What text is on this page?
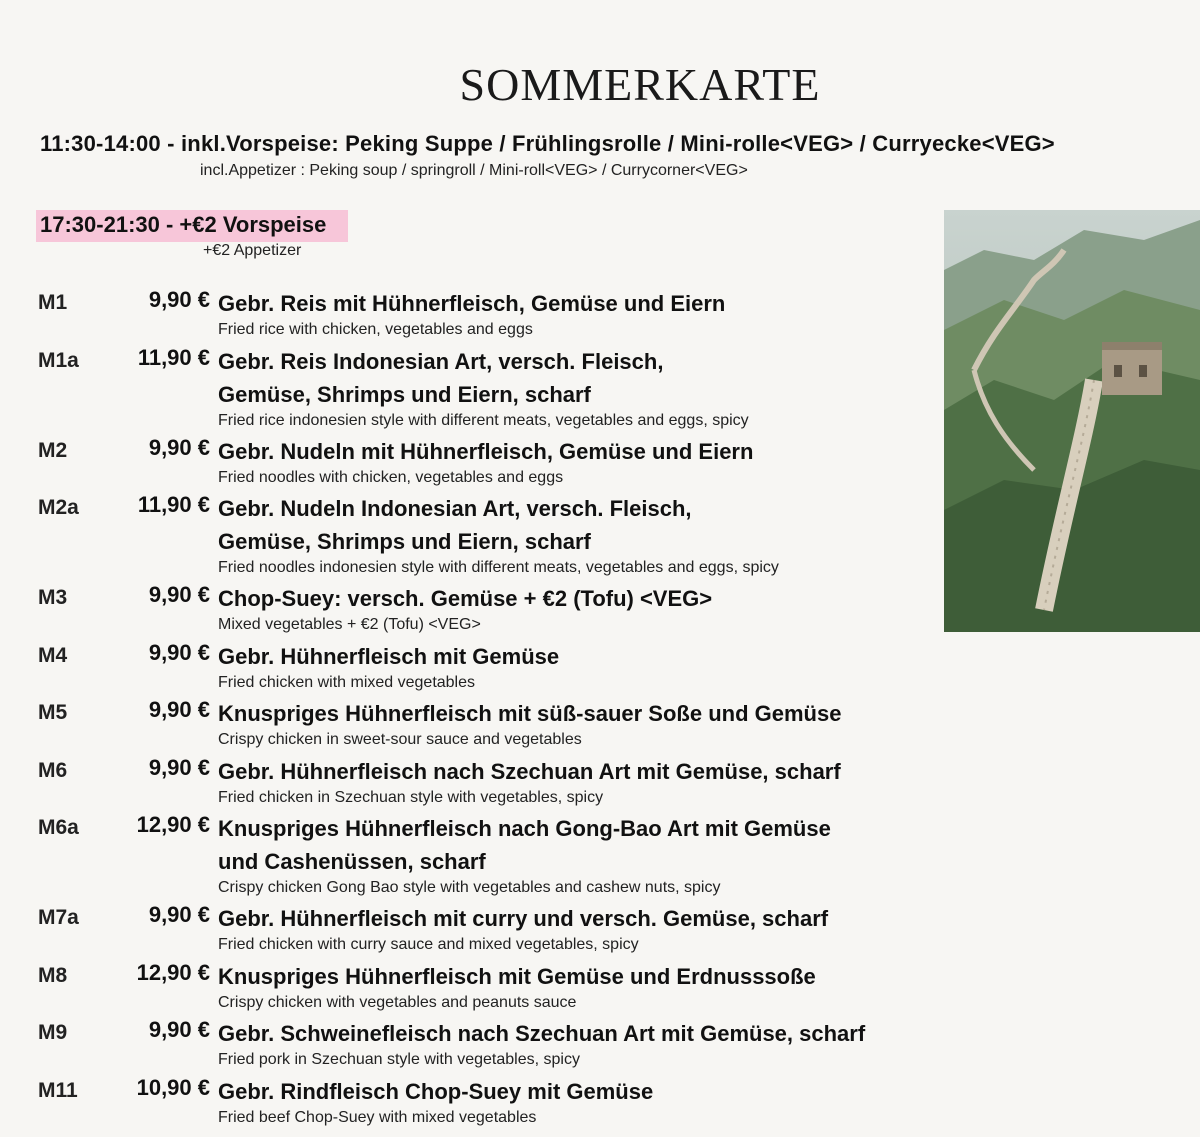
SOMMERKARTE
11:30-14:00 - inkl.Vorspeise: Peking Suppe / Frühlingsrolle / Mini-rolle<VEG> / Curryecke<VEG>
incl.Appetizer : Peking soup / springroll / Mini-roll<VEG> / Currycorner<VEG>
17:30-21:30 - +€2 Vorspeise
+€2 Appetizer
M1	9,90 € Gebr. Reis mit Hühnerfleisch, Gemüse und Eiern
Fried rice with chicken, vegetables and eggs
M1a	11,90 € Gebr. Reis Indonesian Art, versch. Fleisch,
Gemüse, Shrimps und Eiern, scharf
Fried rice indonesien style with different meats, vegetables and eggs, spicy
M2	9,90 € Gebr. Nudeln mit Hühnerfleisch, Gemüse und Eiern
Fried noodles with chicken, vegetables and eggs
M2a	11,90 € Gebr. Nudeln Indonesian Art, versch. Fleisch,
Gemüse, Shrimps und Eiern, scharf
Fried noodles indonesien style with different meats, vegetables and eggs, spicy
M3	9,90 € Chop-Suey: versch. Gemüse + €2 (Tofu) <VEG>
Mixed vegetables + €2 (Tofu) <VEG>
M4	9,90 € Gebr. Hühnerfleisch mit Gemüse
Fried chicken with mixed vegetables
M5	9,90 € Knuspriges Hühnerfleisch mit süß-sauer Soße und Gemüse
Crispy chicken in sweet-sour sauce and vegetables
M6	9,90 € Gebr. Hühnerfleisch nach Szechuan Art mit Gemüse, scharf
Fried chicken in Szechuan style with vegetables, spicy
M6a	12,90 € Knuspriges Hühnerfleisch nach Gong-Bao Art mit Gemüse
und Cashenüssen, scharf
Crispy chicken Gong Bao style with vegetables and cashew nuts, spicy
M7a	9,90 € Gebr. Hühnerfleisch mit curry und versch. Gemüse, scharf
Fried chicken with curry sauce and mixed vegetables, spicy
M8	12,90 € Knuspriges Hühnerfleisch mit Gemüse und Erdnusssoße
Crispy chicken with vegetables and peanuts sauce
M9	9,90 € Gebr. Schweinefleisch nach Szechuan Art mit Gemüse, scharf
Fried pork in Szechuan style with vegetables, spicy
M11	10,90 € Gebr. Rindfleisch Chop-Suey mit Gemüse
Fried beef Chop-Suey with mixed vegetables
